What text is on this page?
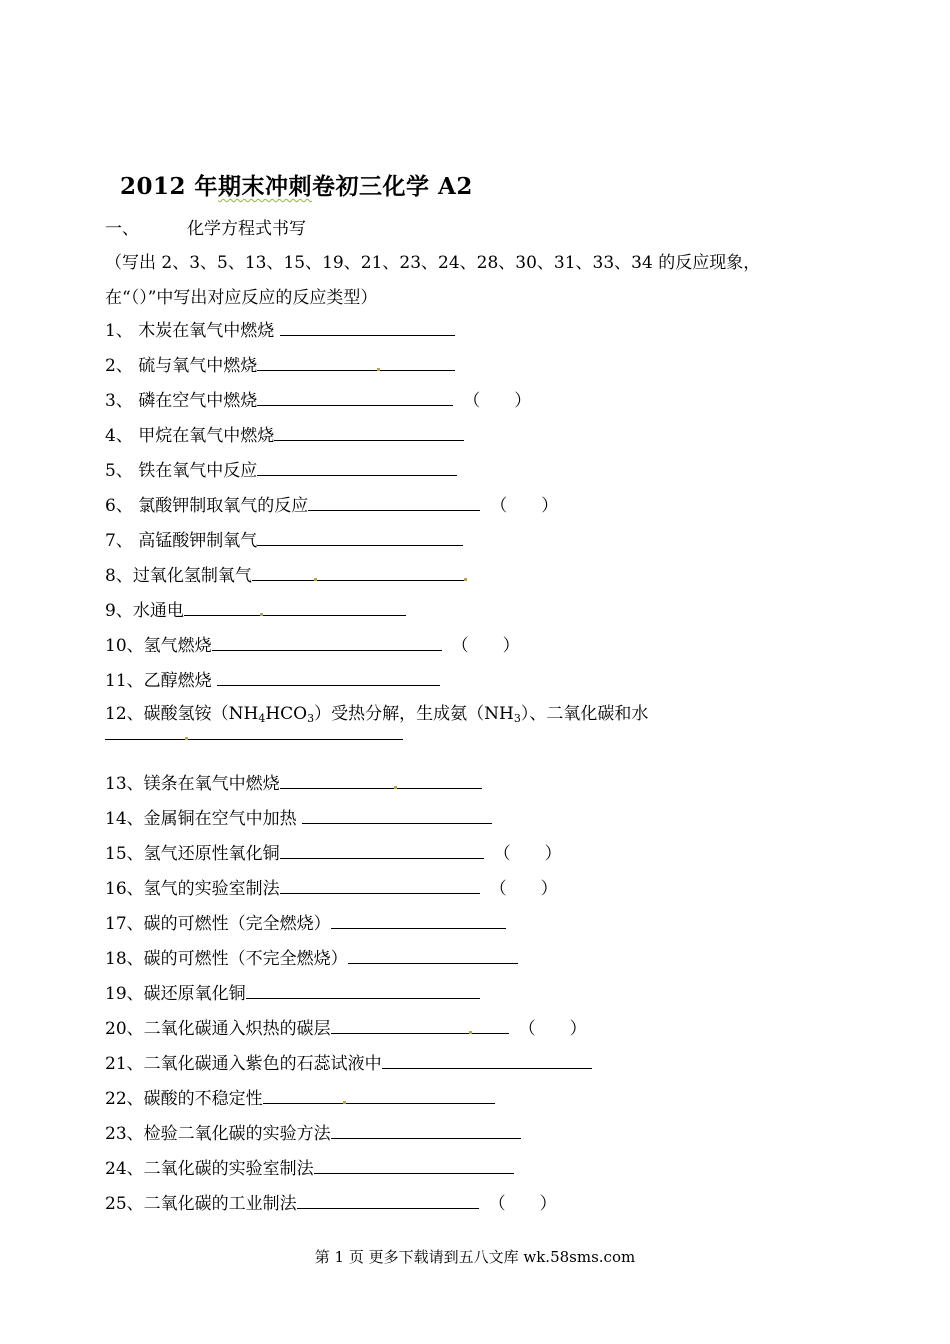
2012 年期末冲刺卷初三化学 A2
一、	化学方程式书写
（写出 2、3、5、13、15、19、21、23、24、28、30、31、33、34 的反应现象，
在“（）”中写出对应反应的反应类型）
1、 木炭在氧气中燃烧
2、 硫与氧气中燃烧
3、 磷在空气中燃烧	（　　）
4、 甲烷在氧气中燃烧
5、 铁在氧气中反应
6、 氯酸钾制取氧气的反应	（　　）
7、 高锰酸钾制氧气
8、过氧化氢制氧气
9、水通电
10、氢气燃烧	（　　）
11、乙醇燃烧
12、碳酸氢铵$(NH_4HCO_3)$受热分解，生成氨$(NH_3)$、二氧化碳和水
13、镁条在氧气中燃烧
14、金属铜在空气中加热
15、氢气还原性氧化铜	（　　）
16、氢气的实验室制法	（　　）
17、碳的可燃性（完全燃烧）
18、碳的可燃性（不完全燃烧）
19、碳还原氧化铜
20、二氧化碳通入炽热的碳层	（　　）
21、二氧化碳通入紫色的石蕊试液中
22、碳酸的不稳定性
23、检验二氧化碳的实验方法
24、二氧化碳的实验室制法
25、二氧化碳的工业制法	（　　）
第 1 页 更多下载请到五八文库 wk.58sms.com
